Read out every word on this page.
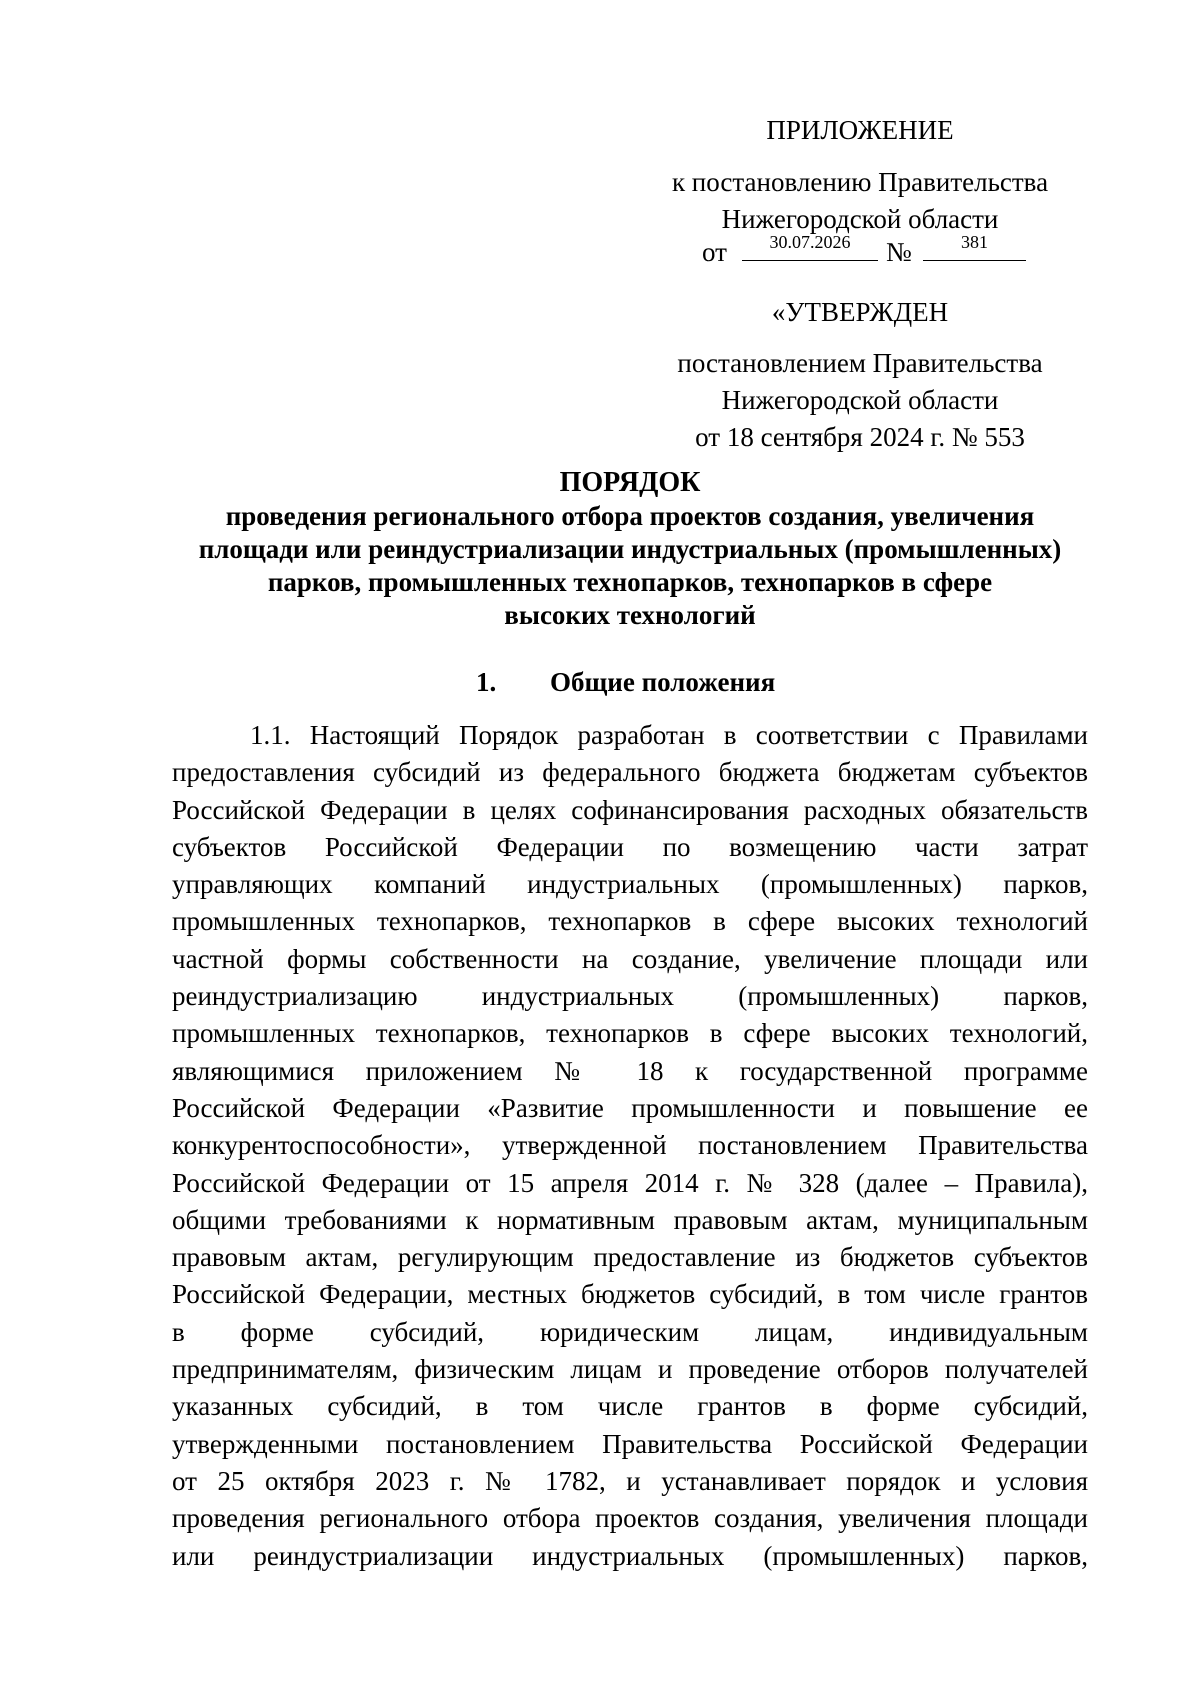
ПРИЛОЖЕНИЕ
к постановлению Правительства
Нижегородской области
от	30.07.2026	№	381
«УТВЕРЖДЕН
постановлением Правительства
Нижегородской области
от 18 сентября 2024 г. № 553
ПОРЯДОК
проведения регионального отбора проектов создания, увеличения
площади или реиндустриализации индустриальных (промышленных)
парков, промышленных технопарков, технопарков в сфере
высоких технологий
1. Общие положения
1.1. Настоящий Порядок разработан в соответствии с Правилами
предоставления субсидий из федерального бюджета бюджетам субъектов
Российской Федерации в целях софинансирования расходных обязательств
субъектов Российской Федерации по возмещению части затрат
управляющих компаний индустриальных (промышленных) парков,
промышленных технопарков, технопарков в сфере высоких технологий
частной формы собственности на создание, увеличение площади или
реиндустриализацию индустриальных (промышленных) парков,
промышленных технопарков, технопарков в сфере высоких технологий,
являющимися приложением № 18 к государственной программе
Российской Федерации «Развитие промышленности и повышение ее
конкурентоспособности», утвержденной постановлением Правительства
Российской Федерации от 15 апреля 2014 г. № 328 (далее – Правила),
общими требованиями к нормативным правовым актам, муниципальным
правовым актам, регулирующим предоставление из бюджетов субъектов
Российской Федерации, местных бюджетов субсидий, в том числе грантов
в форме субсидий, юридическим лицам, индивидуальным
предпринимателям, физическим лицам и проведение отборов получателей
указанных субсидий, в том числе грантов в форме субсидий,
утвержденными постановлением Правительства Российской Федерации
от 25 октября 2023 г. № 1782, и устанавливает порядок и условия
проведения регионального отбора проектов создания, увеличения площади
или реиндустриализации индустриальных (промышленных) парков,
